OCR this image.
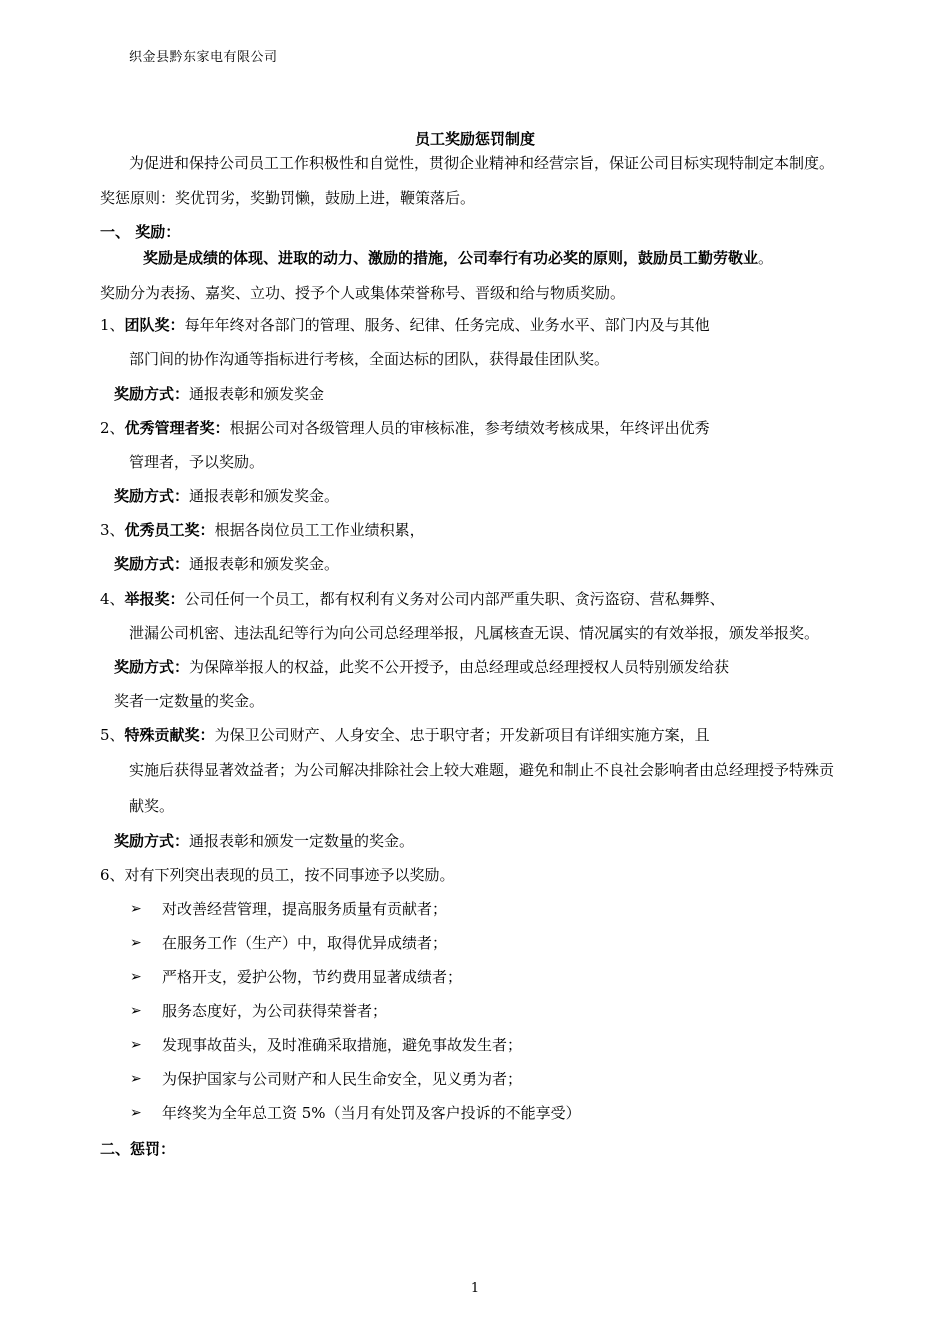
织金县黔东家电有限公司
员工奖励惩罚制度
为促进和保持公司员工工作积极性和自觉性，贯彻企业精神和经营宗旨，保证公司目标实现特制定本制度。
奖惩原则：奖优罚劣，奖勤罚懒，鼓励上进，鞭策落后。
一、 奖励：
奖励是成绩的体现、进取的动力、激励的措施，公司奉行有功必奖的原则，鼓励员工勤劳敬业。
奖励分为表扬、嘉奖、立功、授予个人或集体荣誉称号、晋级和给与物质奖励。
1、团队奖：每年年终对各部门的管理、服务、纪律、任务完成、业务水平、部门内及与其他
部门间的协作沟通等指标进行考核，全面达标的团队，获得最佳团队奖。
奖励方式：通报表彰和颁发奖金
2、优秀管理者奖：根据公司对各级管理人员的审核标准，参考绩效考核成果，年终评出优秀
管理者，予以奖励。
奖励方式：通报表彰和颁发奖金。
3、优秀员工奖：根据各岗位员工工作业绩积累，
奖励方式：通报表彰和颁发奖金。
4、举报奖：公司任何一个员工，都有权利有义务对公司内部严重失职、贪污盗窃、营私舞弊、
泄漏公司机密、违法乱纪等行为向公司总经理举报，凡属核查无误、情况属实的有效举报，颁发举报奖。
奖励方式：为保障举报人的权益，此奖不公开授予，由总经理或总经理授权人员特别颁发给获
奖者一定数量的奖金。
5、特殊贡献奖：为保卫公司财产、人身安全、忠于职守者；开发新项目有详细实施方案，且
实施后获得显著效益者；为公司解决排除社会上较大难题，避免和制止不良社会影响者由总经理授予特殊贡
献奖。
奖励方式：通报表彰和颁发一定数量的奖金。
6、对有下列突出表现的员工，按不同事迹予以奖励。
➢ 对改善经营管理，提高服务质量有贡献者；
➢ 在服务工作（生产）中，取得优异成绩者；
➢ 严格开支，爱护公物，节约费用显著成绩者；
➢ 服务态度好，为公司获得荣誉者；
➢ 发现事故苗头，及时准确采取措施，避免事故发生者；
➢ 为保护国家与公司财产和人民生命安全，见义勇为者；
➢ 年终奖为全年总工资 5%（当月有处罚及客户投诉的不能享受）
二、惩罚：
1
